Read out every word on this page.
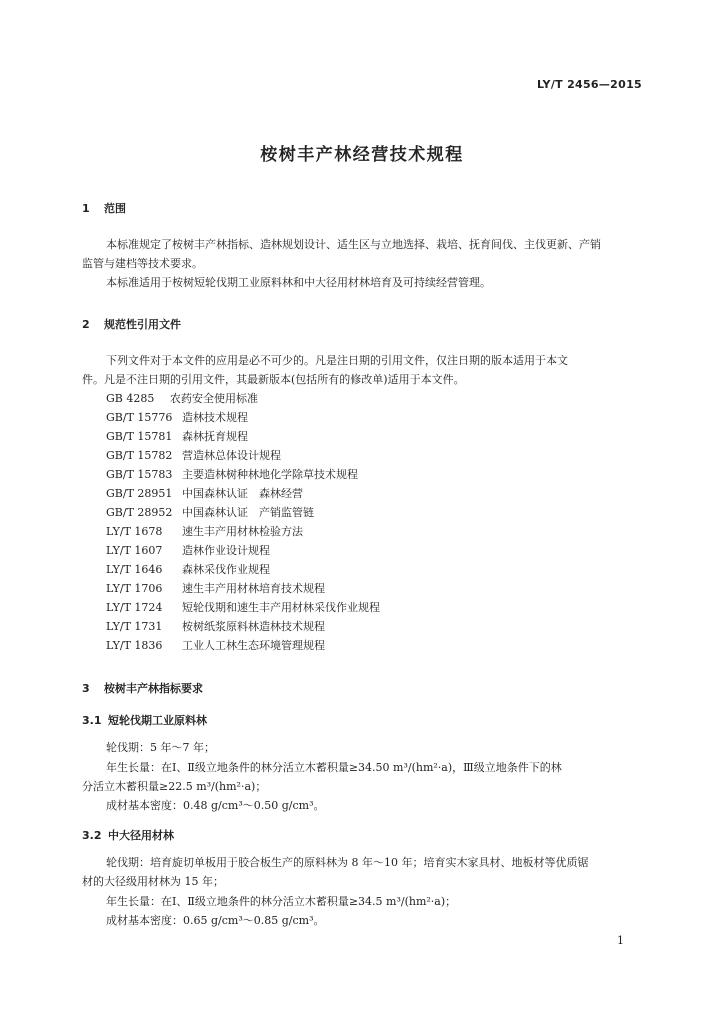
LY/T 2456—2015
桉树丰产林经营技术规程
1 范围
本标准规定了桉树丰产林指标、造林规划设计、适生区与立地选择、栽培、抚育间伐、主伐更新、产销
监管与建档等技术要求。
本标准适用于桉树短轮伐期工业原料林和中大径用材林培育及可持续经营管理。
2 规范性引用文件
下列文件对于本文件的应用是必不可少的。凡是注日期的引用文件，仅注日期的版本适用于本文
件。凡是不注日期的引用文件，其最新版本(包括所有的修改单)适用于本文件。
GB 4285 农药安全使用标准
GB/T 15776 造林技术规程
GB/T 15781 森林抚育规程
GB/T 15782 营造林总体设计规程
GB/T 15783 主要造林树种林地化学除草技术规程
GB/T 28951 中国森林认证　森林经营
GB/T 28952 中国森林认证　产销监管链
LY/T 1678 速生丰产用材林检验方法
LY/T 1607 造林作业设计规程
LY/T 1646 森林采伐作业规程
LY/T 1706 速生丰产用材林培育技术规程
LY/T 1724 短轮伐期和速生丰产用材林采伐作业规程
LY/T 1731 桉树纸浆原料林造林技术规程
LY/T 1836 工业人工林生态环境管理规程
3 桉树丰产林指标要求
3.1 短轮伐期工业原料林
轮伐期：5 年～7 年；
年生长量：在Ⅰ、Ⅱ级立地条件的林分活立木蓄积量≥34.50 m³/(hm²·a)，Ⅲ级立地条件下的林
分活立木蓄积量≥22.5 m³/(hm²·a)；
成材基本密度：0.48 g/cm³～0.50 g/cm³。
3.2 中大径用材林
轮伐期：培育旋切单板用于胶合板生产的原料林为 8 年～10 年；培育实木家具材、地板材等优质锯
材的大径级用材林为 15 年；
年生长量：在Ⅰ、Ⅱ级立地条件的林分活立木蓄积量≥34.5 m³/(hm²·a)；
成材基本密度：0.65 g/cm³～0.85 g/cm³。
1
